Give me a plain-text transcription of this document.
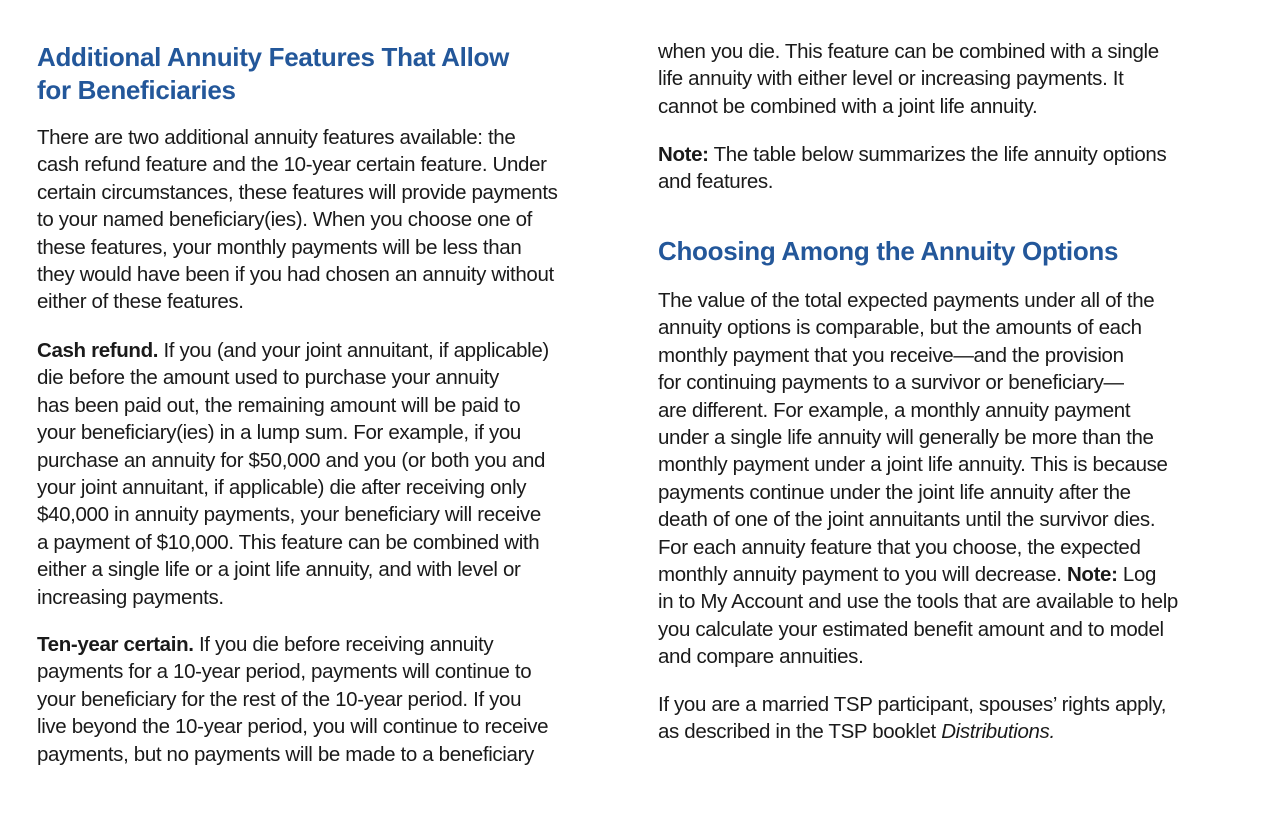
Additional Annuity Features That Allow
for Beneficiaries

There are two additional annuity features available: the
cash refund feature and the 10-year certain feature. Under
certain circumstances, these features will provide payments
to your named beneficiary(ies). When you choose one of
these features, your monthly payments will be less than
they would have been if you had chosen an annuity without
either of these features.

Cash refund. If you (and your joint annuitant, if applicable)
die before the amount used to purchase your annuity
has been paid out, the remaining amount will be paid to
your beneficiary(ies) in a lump sum. For example, if you
purchase an annuity for $50,000 and you (or both you and
your joint annuitant, if applicable) die after receiving only
$40,000 in annuity payments, your beneficiary will receive
a payment of $10,000. This feature can be combined with
either a single life or a joint life annuity, and with level or
increasing payments.

Ten-year certain. If you die before receiving annuity
payments for a 10-year period, payments will continue to
your beneficiary for the rest of the 10-year period. If you
live beyond the 10-year period, you will continue to receive
payments, but no payments will be made to a beneficiary

when you die. This feature can be combined with a single
life annuity with either level or increasing payments. It
cannot be combined with a joint life annuity.

Note: The table below summarizes the life annuity options
and features.

Choosing Among the Annuity Options

The value of the total expected payments under all of the
annuity options is comparable, but the amounts of each
monthly payment that you receive—and the provision
for continuing payments to a survivor or beneficiary—
are different. For example, a monthly annuity payment
under a single life annuity will generally be more than the
monthly payment under a joint life annuity. This is because
payments continue under the joint life annuity after the
death of one of the joint annuitants until the survivor dies.
For each annuity feature that you choose, the expected
monthly annuity payment to you will decrease. Note: Log
in to My Account and use the tools that are available to help
you calculate your estimated benefit amount and to model
and compare annuities.

If you are a married TSP participant, spouses’ rights apply,
as described in the TSP booklet Distributions.
